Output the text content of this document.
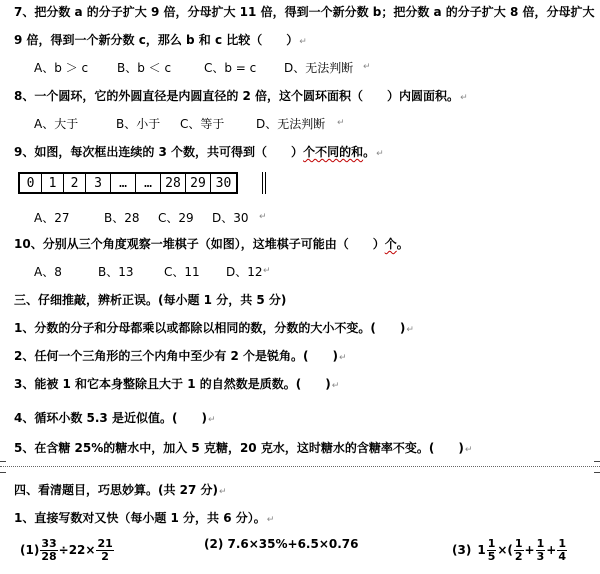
7、把分数 a 的分子扩大 9 倍，分母扩大 11 倍，得到一个新分数 b；把分数 a 的分子扩大 8 倍，分母扩大
9 倍，得到一个新分数 c，那么 b 和 c 比较（　　）↵
A、b ＞ c B、b ＜ c	C、b = c D、无法判断 ↵
8、一个圆环，它的外圆直径是内圆直径的 2 倍，这个圆环面积（　　）内圆面积。↵
A、大于	B、小于 C、等于	D、无法判断 ↵
9、如图，每次框出连续的 3 个数，共可得到（　　）个不同的和。↵
0	1	2	3	…	…	28 29 30
A、27	B、28 C、29 D、30 ↵
10、分别从三个角度观察一堆棋子（如图），这堆棋子可能由（　　）个。
A、8	B、13	C、11 D、12 ↵
三、仔细推敲，辨析正误。(每小题 1 分，共 5 分)
1、分数的分子和分母都乘以或都除以相同的数，分数的大小不变。(　　)↵
2、任何一个三角形的三个内角中至少有 2 个是锐角。(　　)↵
3、能被 1 和它本身整除且大于 1 的自然数是质数。(　　)↵
4、循环小数 5.3 是近似值。(　　)↵
5、在含糖 25%的糖水中，加入 5 克糖，20 克水，这时糖水的含糖率不变。(　　)↵
四、看清题目，巧思妙算。(共 27 分)↵
1、直接写数对又快（每小题 1 分，共 6 分）。↵
$(1) \frac{33}{28} \div 22\times \frac{21}{2}$	(2) 7.6×35%+6.5×0.76	(3) $1 \frac{1}{5}$ ×( $\frac{1}{2} + \frac{1}{3} + \frac{1}{4}$
